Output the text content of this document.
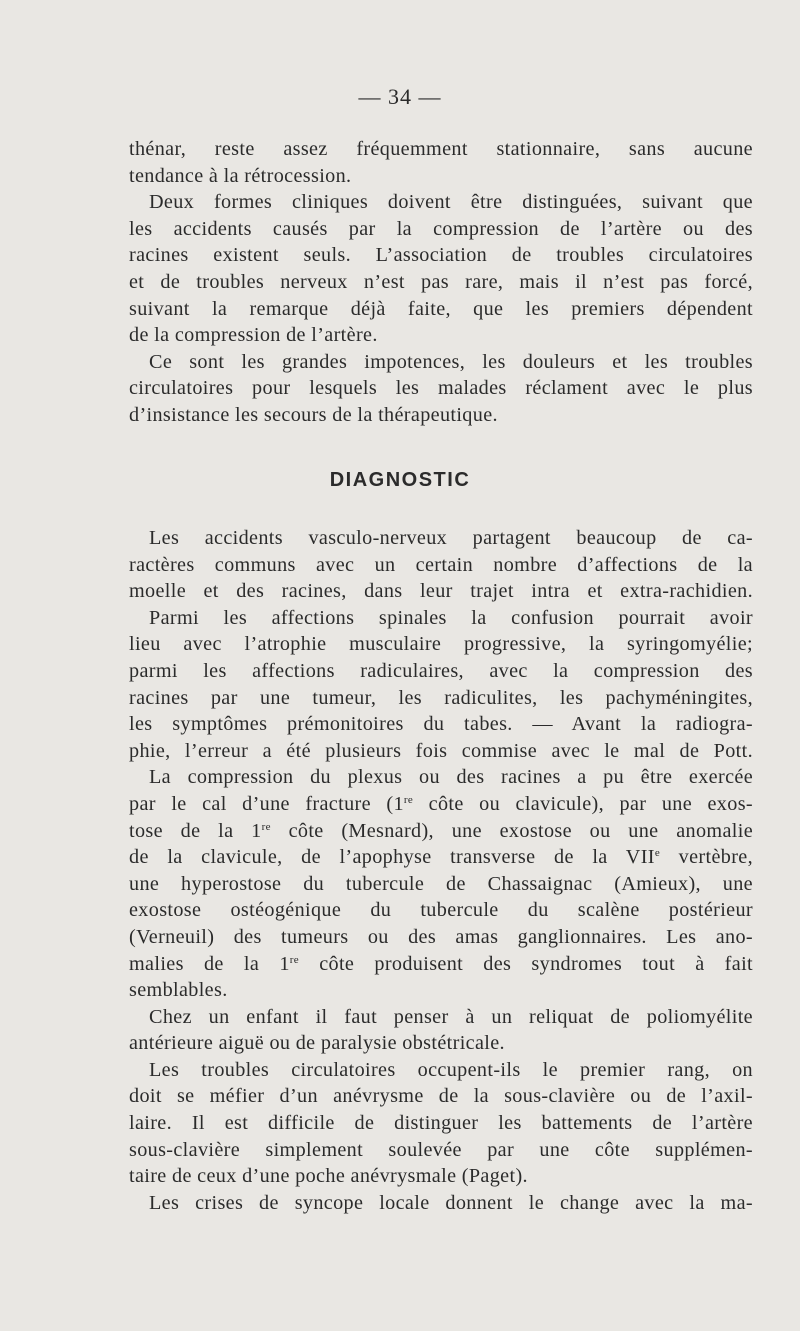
— 34 —
thénar, reste assez fréquemment stationnaire, sans aucune
tendance à la rétrocession.
Deux formes cliniques doivent être distinguées, suivant que
les accidents causés par la compression de l’artère ou des
racines existent seuls. L’association de troubles circulatoires
et de troubles nerveux n’est pas rare, mais il n’est pas forcé,
suivant la remarque déjà faite, que les premiers dépendent
de la compression de l’artère.
Ce sont les grandes impotences, les douleurs et les troubles
circulatoires pour lesquels les malades réclament avec le plus
d’insistance les secours de la thérapeutique.
DIAGNOSTIC
Les accidents vasculo-nerveux partagent beaucoup de ca-
ractères communs avec un certain nombre d’affections de la
moelle et des racines, dans leur trajet intra et extra-rachidien.
Parmi les affections spinales la confusion pourrait avoir
lieu avec l’atrophie musculaire progressive, la syringomyélie;
parmi les affections radiculaires, avec la compression des
racines par une tumeur, les radiculites, les pachyméningites,
les symptômes prémonitoires du tabes. — Avant la radiogra-
phie, l’erreur a été plusieurs fois commise avec le mal de Pott.
La compression du plexus ou des racines a pu être exercée
par le cal d’une fracture (1re côte ou clavicule), par une exos-
tose de la 1re côte (Mesnard), une exostose ou une anomalie
de la clavicule, de l’apophyse transverse de la VIIe vertèbre,
une hyperostose du tubercule de Chassaignac (Amieux), une
exostose ostéogénique du tubercule du scalène postérieur
(Verneuil) des tumeurs ou des amas ganglionnaires. Les ano-
malies de la 1re côte produisent des syndromes tout à fait
semblables.
Chez un enfant il faut penser à un reliquat de poliomyélite
antérieure aiguë ou de paralysie obstétricale.
Les troubles circulatoires occupent-ils le premier rang, on
doit se méfier d’un anévrysme de la sous-clavière ou de l’axil-
laire. Il est difficile de distinguer les battements de l’artère
sous-clavière simplement soulevée par une côte supplémen-
taire de ceux d’une poche anévrysmale (Paget).
Les crises de syncope locale donnent le change avec la ma-
